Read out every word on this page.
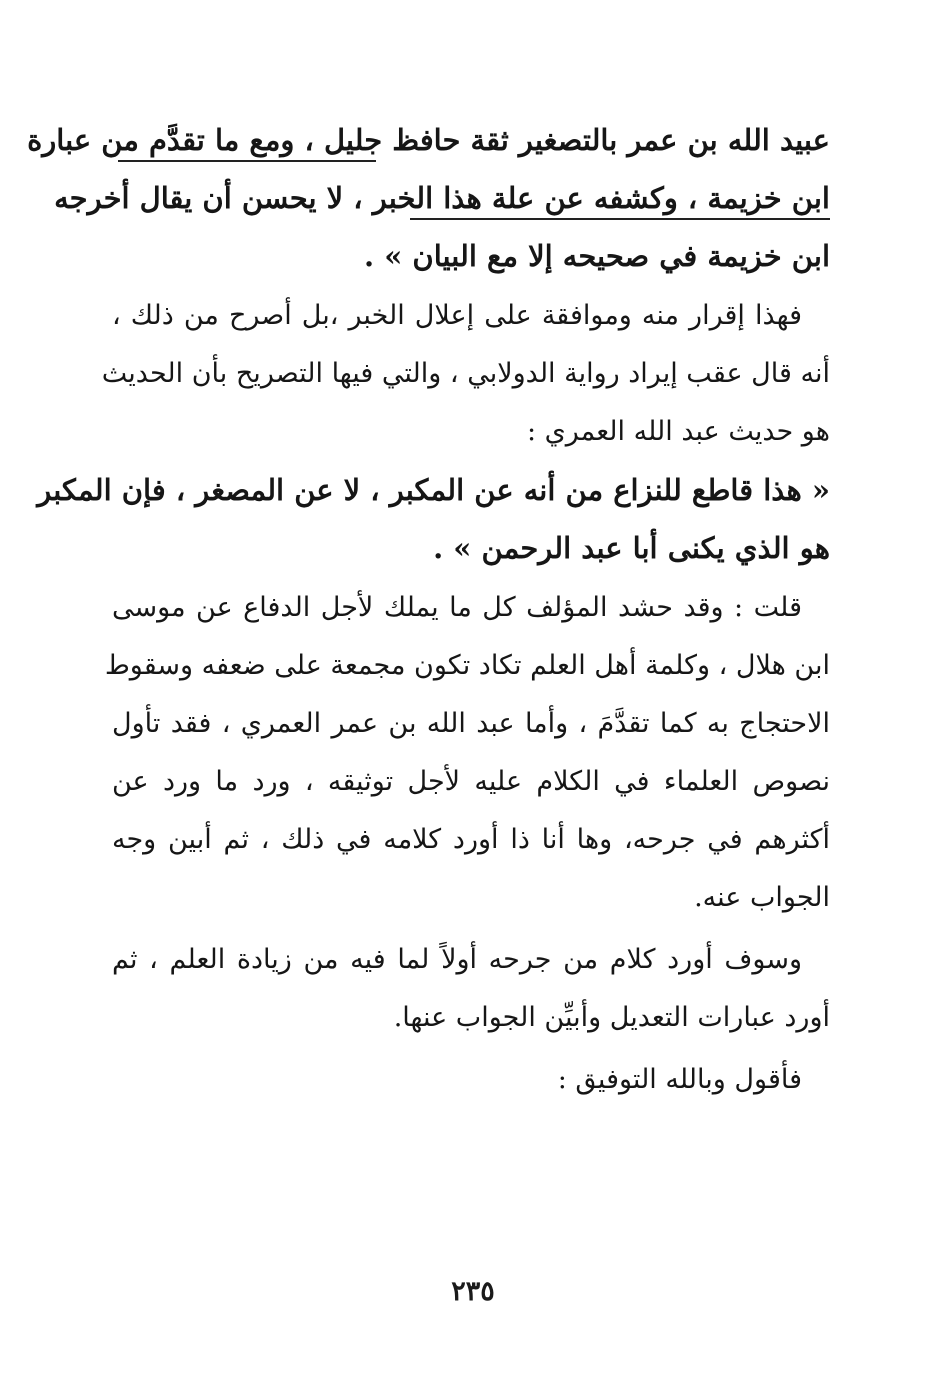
عبيد الله بن عمر بالتصغير ثقة حافظ جليل ، ومع ما تقدَّم من عبارة
ابن خزيمة ، وكشفه عن علة هذا الخبر ، لا يحسن أن يقال أخرجه
ابن خزيمة في صحيحه إلا مع البيان » .
فهذا إقرار منه وموافقة على إعلال الخبر ،بل أصرح من ذلك ،
أنه قال عقب إيراد رواية الدولابي ، والتي فيها التصريح بأن الحديث
هو حديث عبد الله العمري :
« هذا قاطع للنزاع من أنه عن المكبر ، لا عن المصغر ، فإن المكبر
هو الذي يكنى أبا عبد الرحمن » .
قلت : وقد حشد المؤلف كل ما يملك لأجل الدفاع عن موسى
ابن هلال ، وكلمة أهل العلم تكاد تكون مجمعة على ضعفه وسقوط
الاحتجاج به كما تقدَّمَ ، وأما عبد الله بن عمر العمري ، فقد تأول
نصوص العلماء في الكلام عليه لأجل توثيقه ، ورد ما ورد عن
أكثرهم في جرحه، وها أنا ذا أورد كلامه في ذلك ، ثم أبين وجه
الجواب عنه.
وسوف أورد كلام من جرحه أولاً لما فيه من زيادة العلم ، ثم
أورد عبارات التعديل وأبيِّن الجواب عنها.
فأقول وبالله التوفيق :
٢٣٥
